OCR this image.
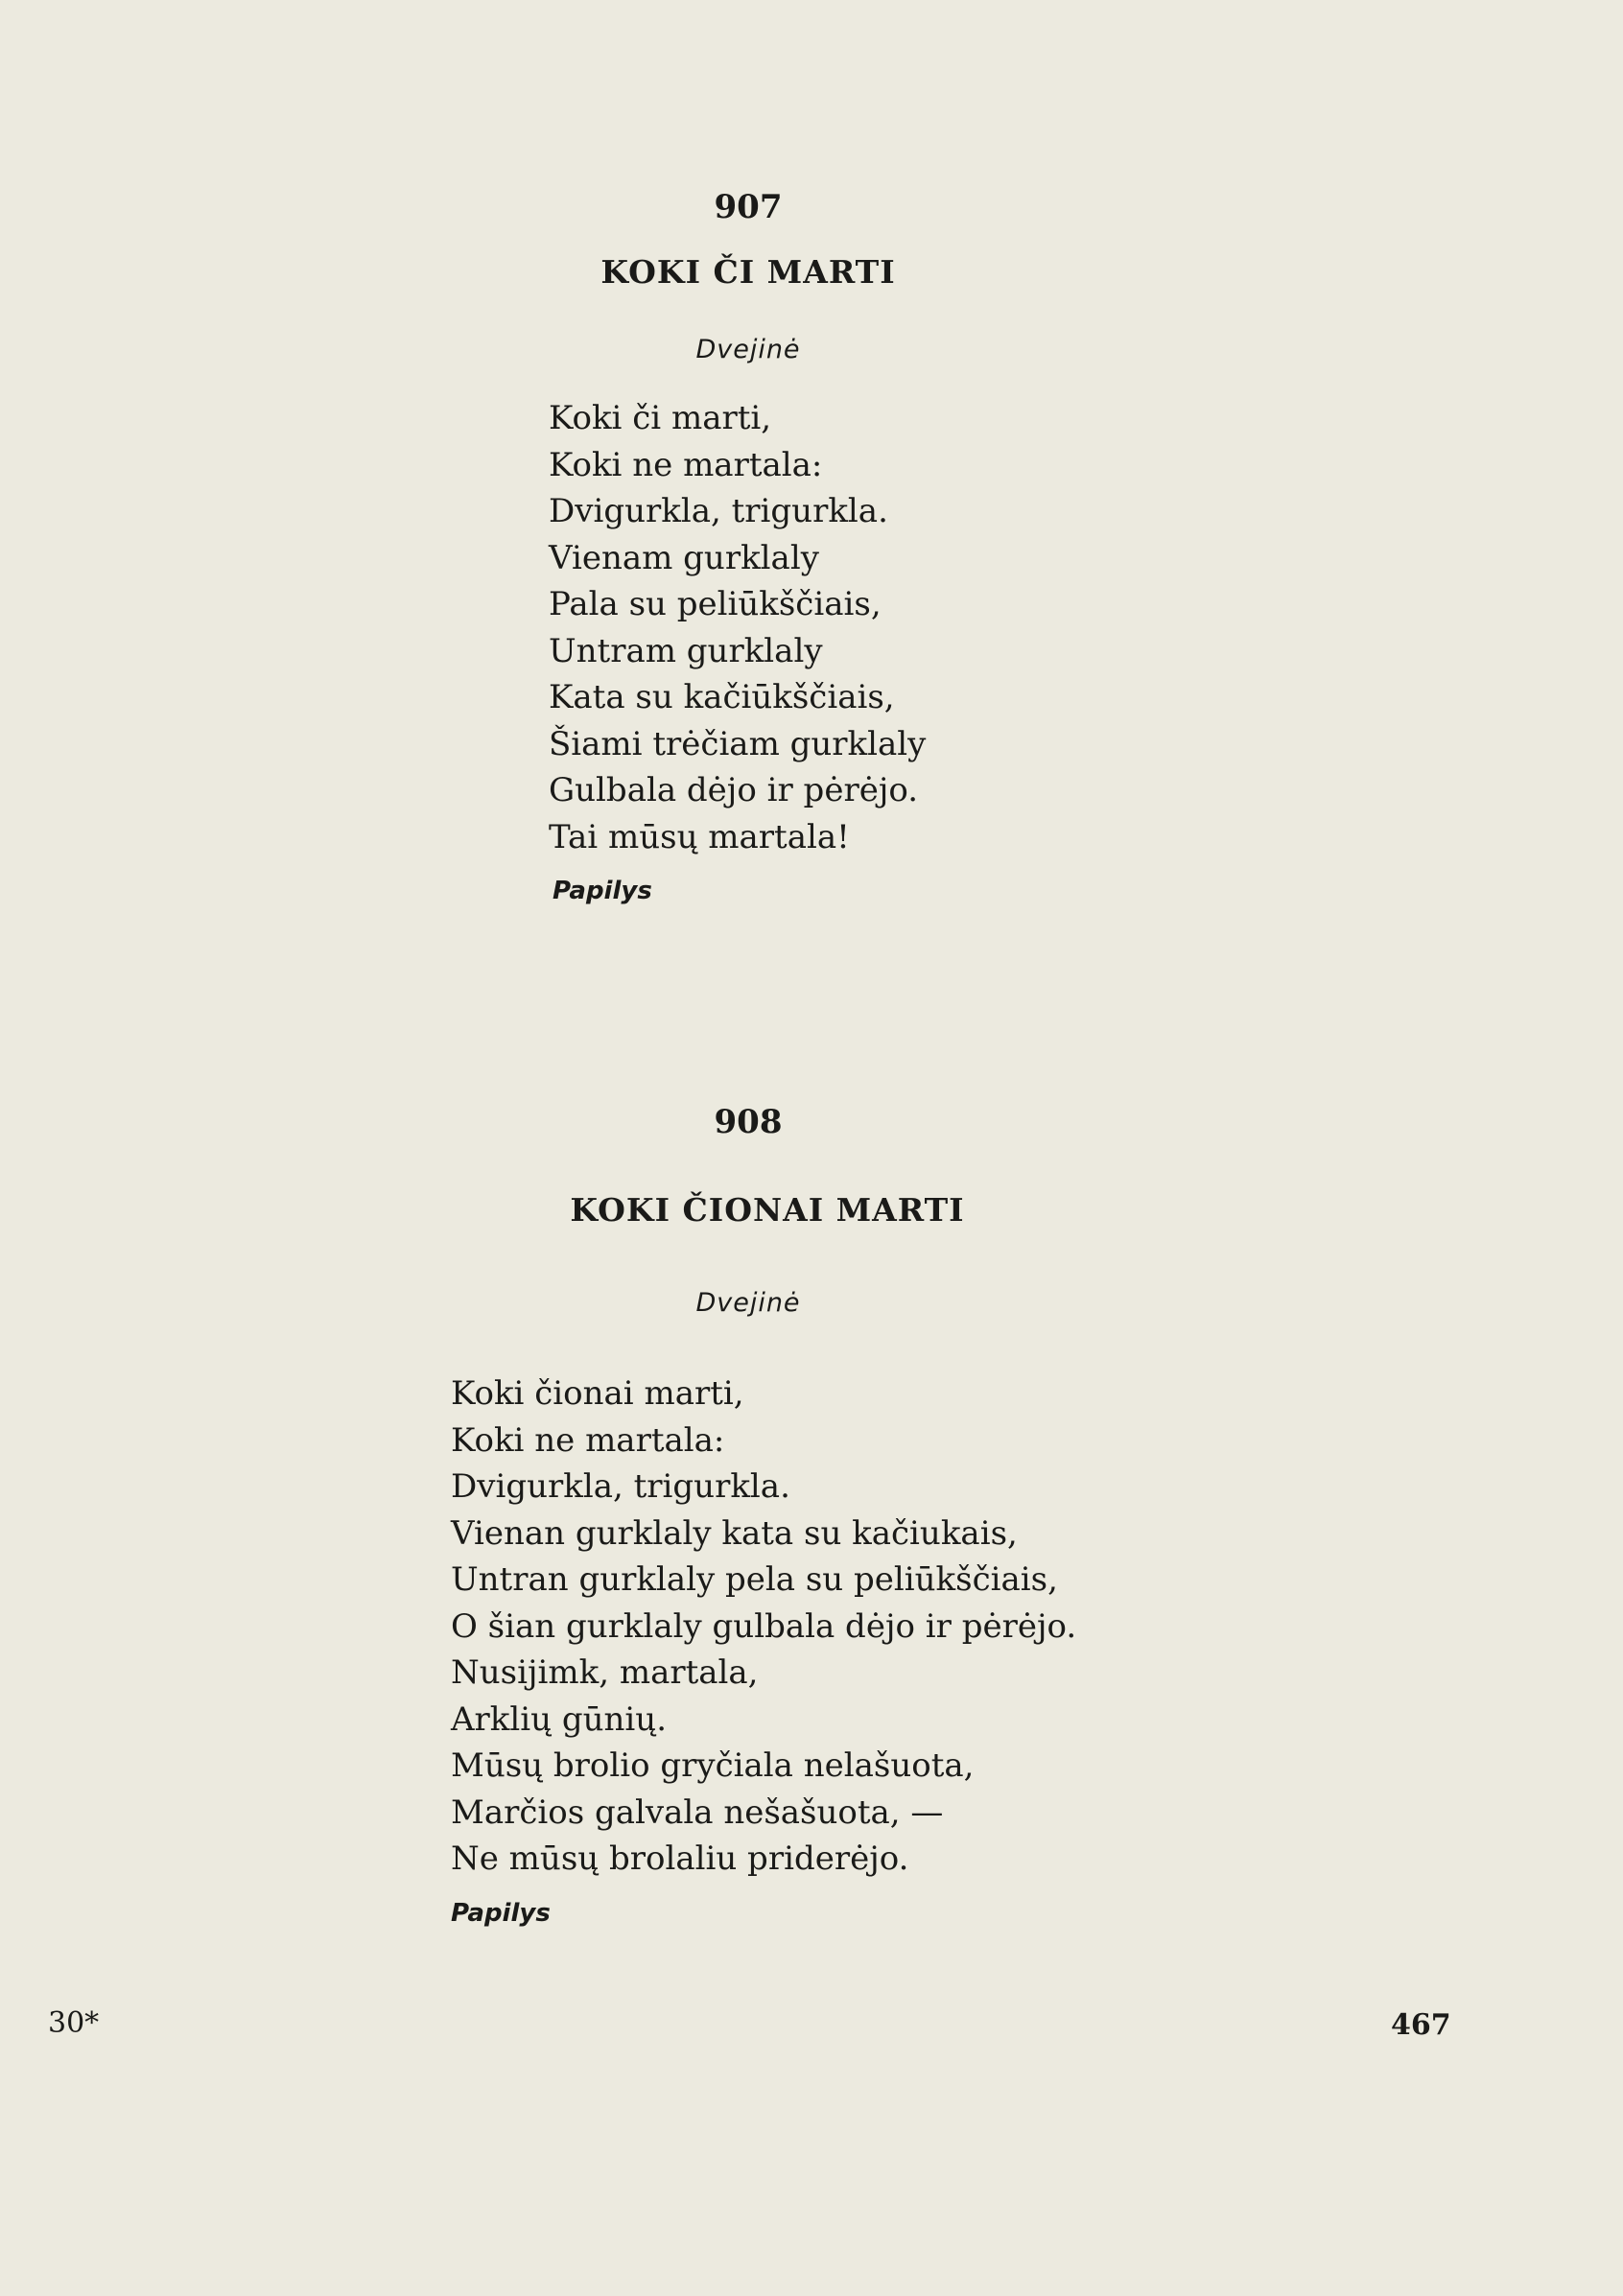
907
KOKI ČI MARTI
Dvejinė
Koki či marti,
Koki ne martala:
Dvigurkla, trigurkla.
Vienam gurklaly
Pala su peliūkščiais,
Untram gurklaly
Kata su kačiūkščiais,
Šiami trėčiam gurklaly
Gulbala dėjo ir pėrėjo.
Tai mūsų martala!
Papilys
908
KOKI ČIONAI MARTI
Dvejinė
Koki čionai marti,
Koki ne martala:
Dvigurkla, trigurkla.
Vienan gurklaly kata su kačiukais,
Untran gurklaly pela su peliūkščiais,
O šian gurklaly gulbala dėjo ir pėrėjo.
Nusijimk, martala,
Arklių gūnių.
Mūsų brolio gryčiala nelašuota,
Marčios galvala nešašuota, —
Ne mūsų brolaliu priderėjo.
Papilys
30*	467
